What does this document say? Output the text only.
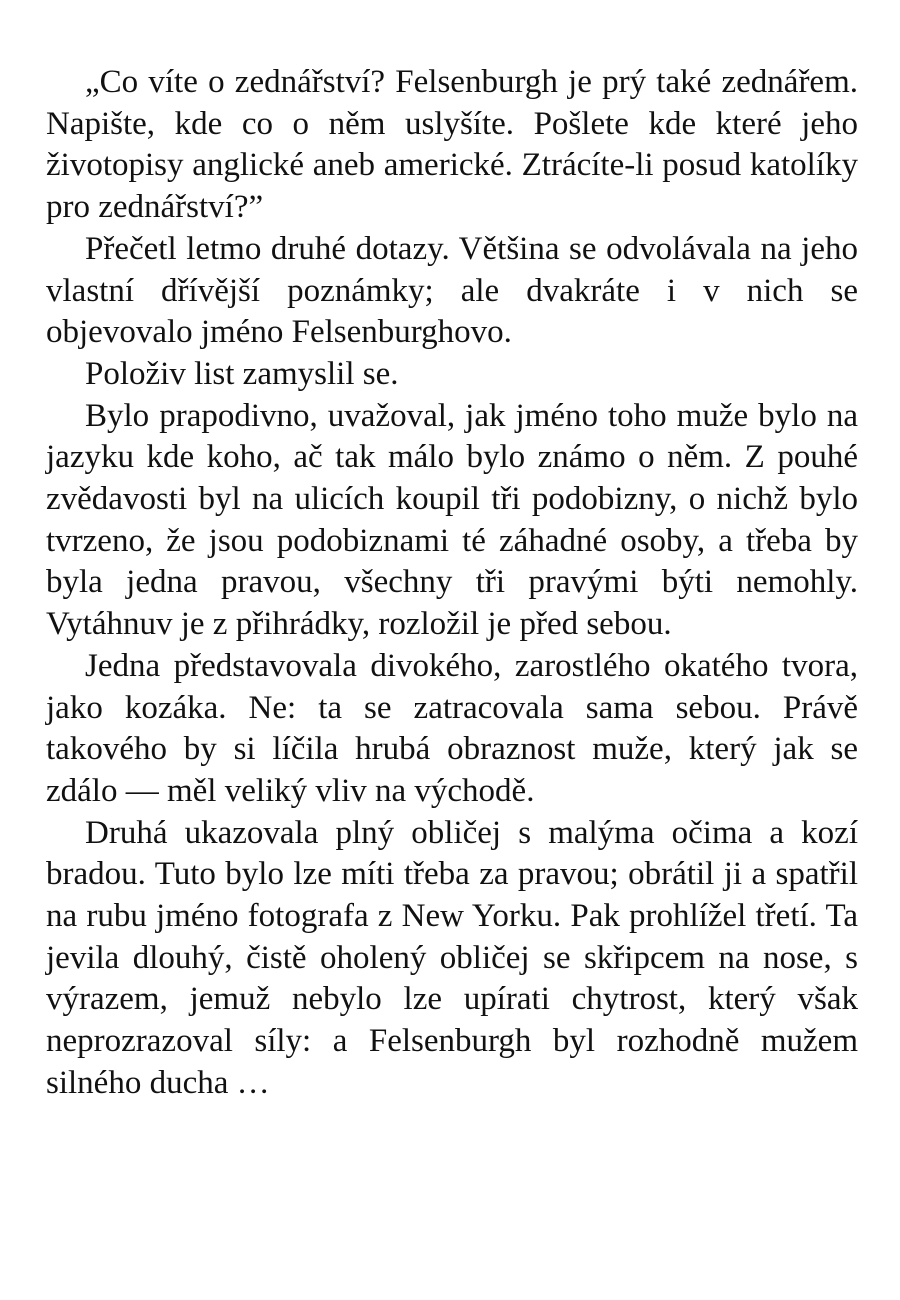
„Co víte o zednářství? Felsenburgh je prý také zednářem. Napište, kde co o něm uslyšíte. Pošlete kde které jeho životopisy anglické aneb americké. Ztrácíte-li posud katolíky pro zednářství?”

Přečetl letmo druhé dotazy. Většina se odvolávala na jeho vlastní dřívější poznámky; ale dvakráte i v nich se objevovalo jméno Felsenburghovo.

Položiv list zamyslil se.

Bylo prapodivno, uvažoval, jak jméno toho muže bylo na jazyku kde koho, ač tak málo bylo známo o něm. Z pouhé zvědavosti byl na ulicích koupil tři podobizny, o nichž bylo tvrzeno, že jsou podobiznami té záhadné osoby, a třeba by byla jedna pravou, všechny tři pravými býti nemohly. Vytáhnuv je z přihrádky, rozložil je před sebou.

Jedna představovala divokého, zarostlého okatého tvora, jako kozáka. Ne: ta se zatracovala sama sebou. Právě takového by si líčila hrubá obraznost muže, který jak se zdálo — měl veliký vliv na východě.

Druhá ukazovala plný obličej s malýma očima a kozí bradou. Tuto bylo lze míti třeba za pravou; obrátil ji a spatřil na rubu jméno fotografa z New Yorku. Pak prohlížel třetí. Ta jevila dlouhý, čistě oholený obličej se skřipcem na nose, s výrazem, jemuž nebylo lze upírati chytrost, který však neprozrazoval síly: a Felsenburgh byl rozhodně mužem silného ducha …
